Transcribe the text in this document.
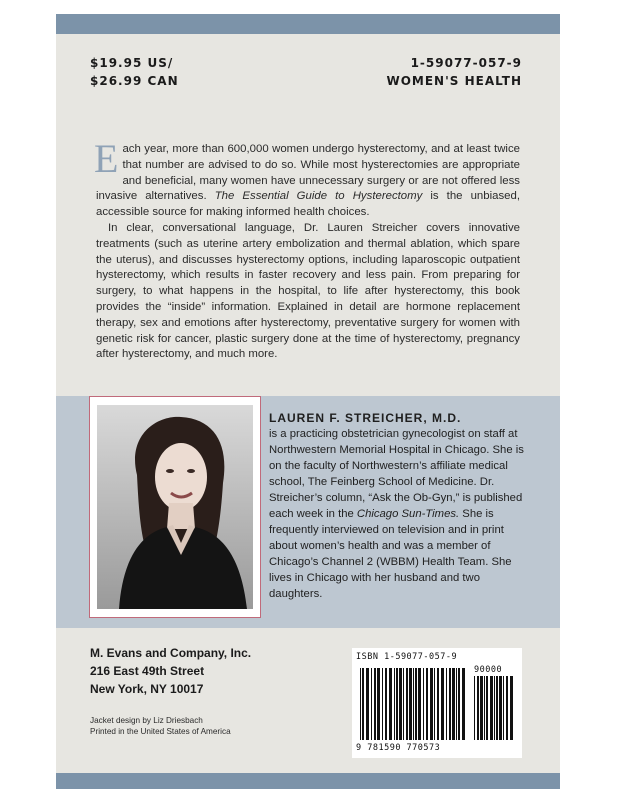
$19.95 US/
$26.99 CAN
1-59077-057-9
WOMEN'S HEALTH

Each year, more than 600,000 women undergo hysterectomy, and at least twice that number are advised to do so. While most hysterectomies are appropriate and beneficial, many women have unnecessary surgery or are not offered less invasive alternatives. The Essential Guide to Hysterectomy is the unbiased, accessible source for making informed health choices.

In clear, conversational language, Dr. Lauren Streicher covers innovative treatments (such as uterine artery embolization and thermal ablation, which spare the uterus), and discusses hysterectomy options, including laparoscopic outpatient hysterectomy, which results in faster recovery and less pain. From preparing for surgery, to what happens in the hospital, to life after hysterectomy, this book provides the “inside” information. Explained in detail are hormone replacement therapy, sex and emotions after hysterectomy, preventative surgery for women with genetic risk for cancer, plastic surgery done at the time of hysterectomy, pregnancy after hysterectomy, and much more.

LAUREN F. STREICHER, M.D.
is a practicing obstetrician gynecologist on staff at Northwestern Memorial Hospital in Chicago. She is on the faculty of Northwestern’s affiliate medical school, The Feinberg School of Medicine. Dr. Streicher’s column, “Ask the Ob-Gyn,” is published each week in the Chicago Sun-Times. She is frequently interviewed on television and in print about women’s health and was a member of Chicago’s Channel 2 (WBBM) Health Team. She lives in Chicago with her husband and two daughters.
M. Evans and Company, Inc.
216 East 49th Street
New York, NY 10017
Jacket design by Liz Driesbach
Printed in the United States of America
ISBN 1-59077-057-9
90000
9 781590 770573
